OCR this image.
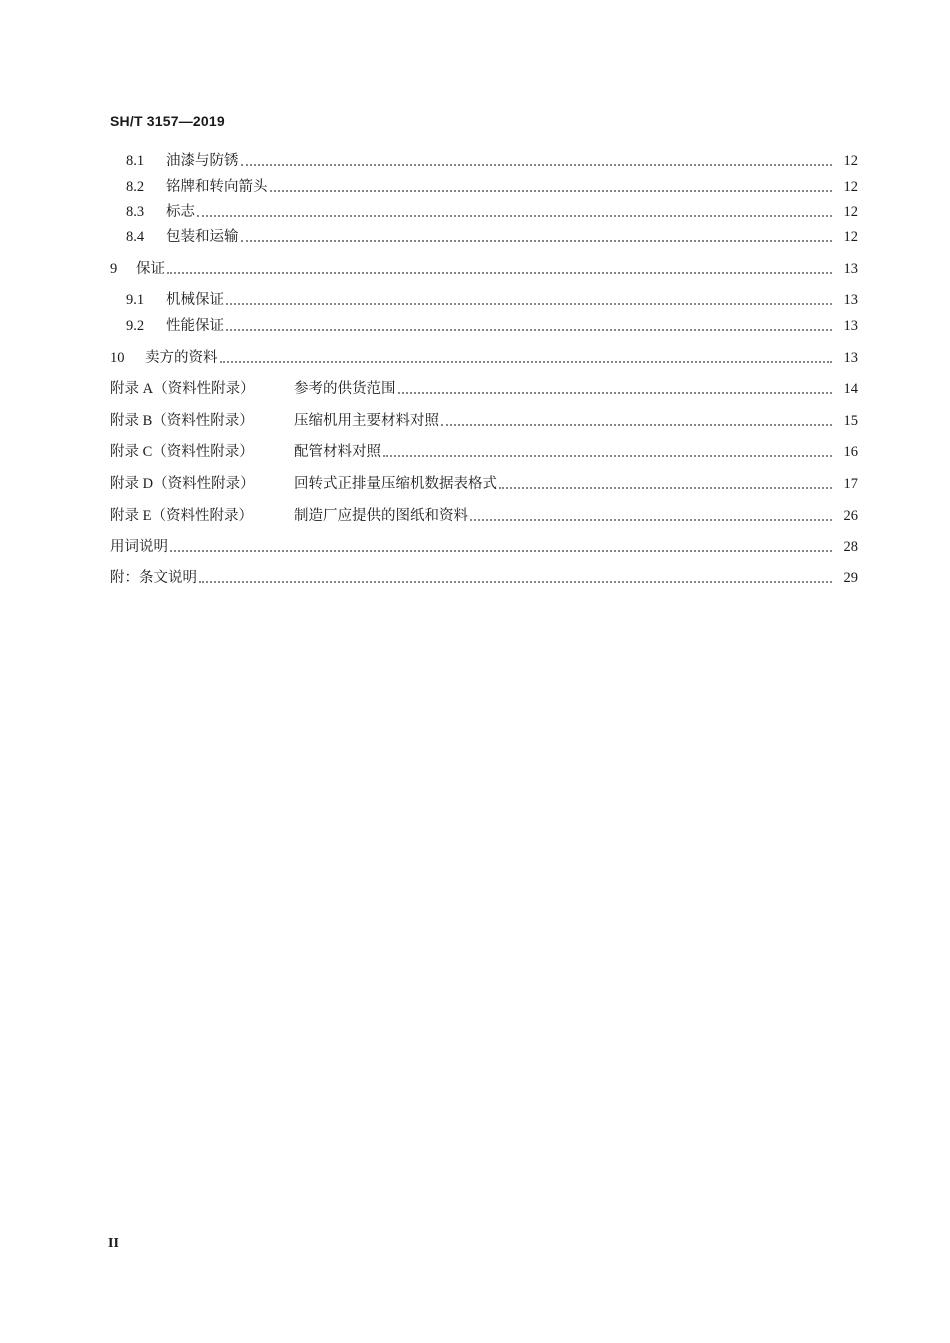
SH/T 3157—2019
8.1	油漆与防锈	12
8.2	铭牌和转向箭头	12
8.3	标志	12
8.4	包装和运输	12
9	保证	13
9.1	机械保证	13
9.2	性能保证	13
10	卖方的资料	13
附录 A（资料性附录）	参考的供货范围	14
附录 B（资料性附录）	压缩机用主要材料对照	15
附录 C（资料性附录）	配管材料对照	16
附录 D（资料性附录）	回转式正排量压缩机数据表格式	17
附录 E（资料性附录）	制造厂应提供的图纸和资料	26
用词说明	28
附：条文说明	29
II
